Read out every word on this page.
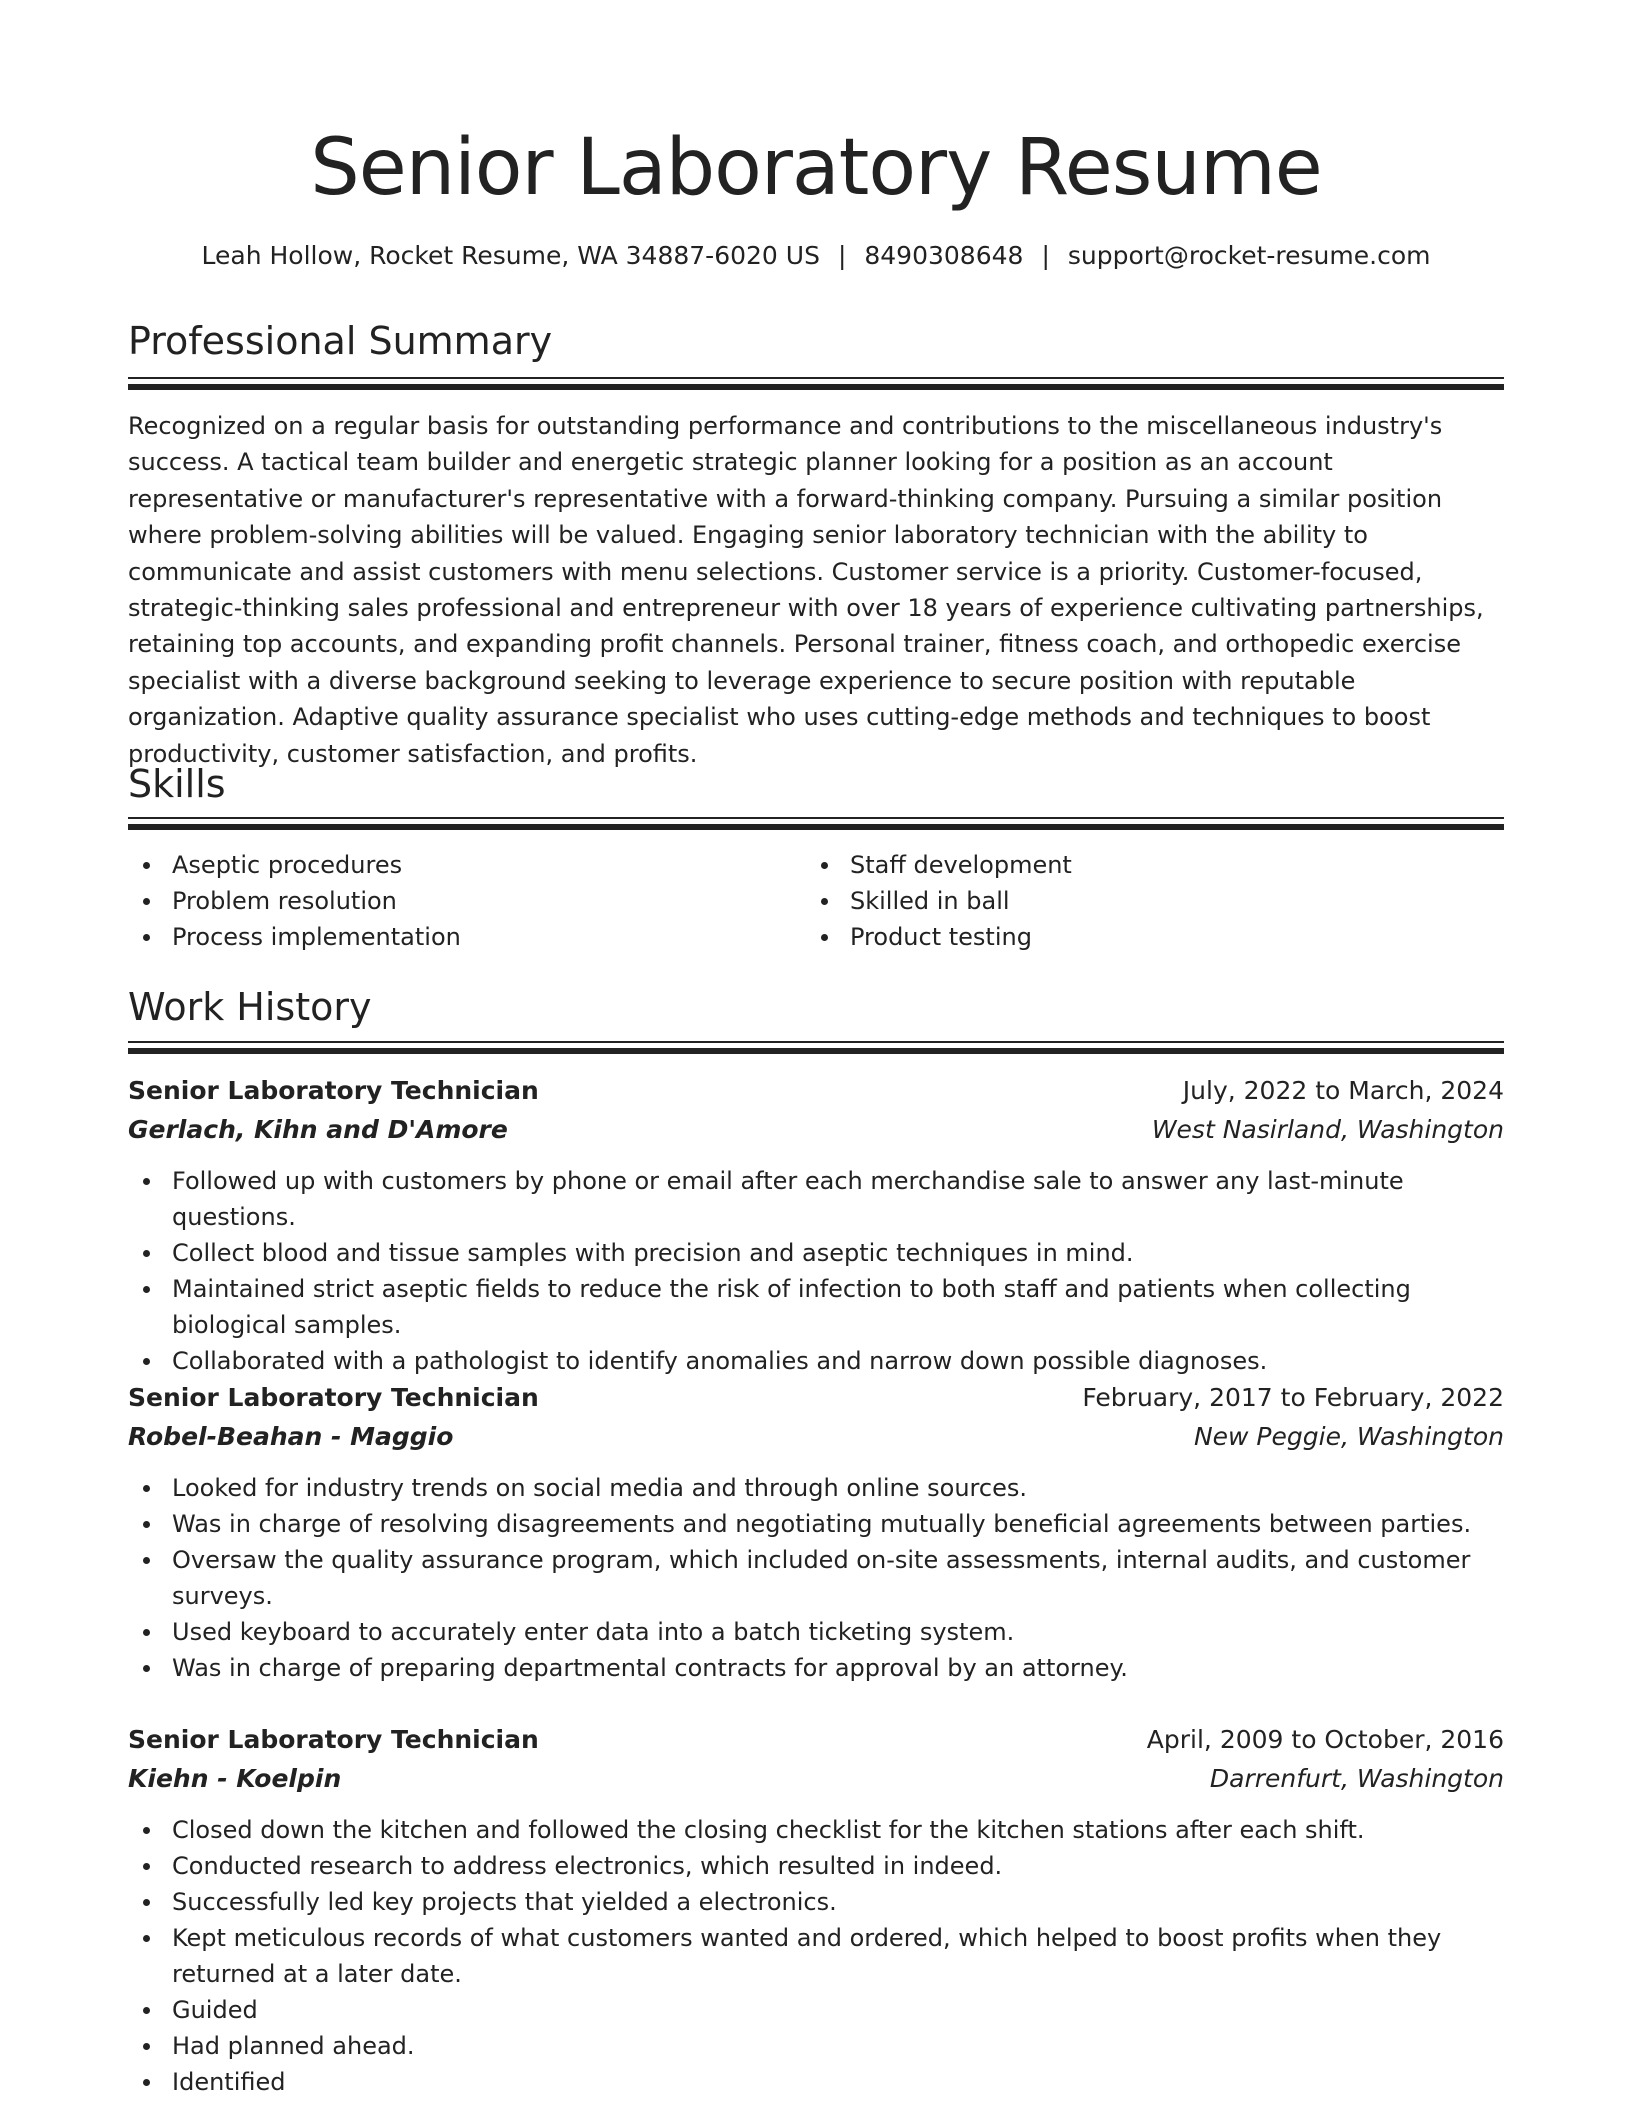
Senior Laboratory Resume
Leah Hollow, Rocket Resume, WA 34887-6020 US | 8490308648 | support@rocket-resume.com
Professional Summary
Recognized on a regular basis for outstanding performance and contributions to the miscellaneous industry's success. A tactical team builder and energetic strategic planner looking for a position as an account representative or manufacturer's representative with a forward-thinking company. Pursuing a similar position where problem-solving abilities will be valued. Engaging senior laboratory technician with the ability to communicate and assist customers with menu selections. Customer service is a priority. Customer-focused, strategic-thinking sales professional and entrepreneur with over 18 years of experience cultivating partnerships, retaining top accounts, and expanding profit channels. Personal trainer, fitness coach, and orthopedic exercise specialist with a diverse background seeking to leverage experience to secure position with reputable organization. Adaptive quality assurance specialist who uses cutting-edge methods and techniques to boost productivity, customer satisfaction, and profits.
Skills
Aseptic procedures
Problem resolution
Process implementation
Staff development
Skilled in ball
Product testing
Work History
Senior Laboratory Technician	July, 2022 to March, 2024
Gerlach, Kihn and D'Amore	West Nasirland, Washington
Followed up with customers by phone or email after each merchandise sale to answer any last-minute questions.
Collect blood and tissue samples with precision and aseptic techniques in mind.
Maintained strict aseptic fields to reduce the risk of infection to both staff and patients when collecting biological samples.
Collaborated with a pathologist to identify anomalies and narrow down possible diagnoses.
Senior Laboratory Technician	February, 2017 to February, 2022
Robel-Beahan - Maggio	New Peggie, Washington
Looked for industry trends on social media and through online sources.
Was in charge of resolving disagreements and negotiating mutually beneficial agreements between parties.
Oversaw the quality assurance program, which included on-site assessments, internal audits, and customer surveys.
Used keyboard to accurately enter data into a batch ticketing system.
Was in charge of preparing departmental contracts for approval by an attorney.
Senior Laboratory Technician	April, 2009 to October, 2016
Kiehn - Koelpin	Darrenfurt, Washington
Closed down the kitchen and followed the closing checklist for the kitchen stations after each shift.
Conducted research to address electronics, which resulted in indeed.
Successfully led key projects that yielded a electronics.
Kept meticulous records of what customers wanted and ordered, which helped to boost profits when they returned at a later date.
Guided
Had planned ahead.
Identified
